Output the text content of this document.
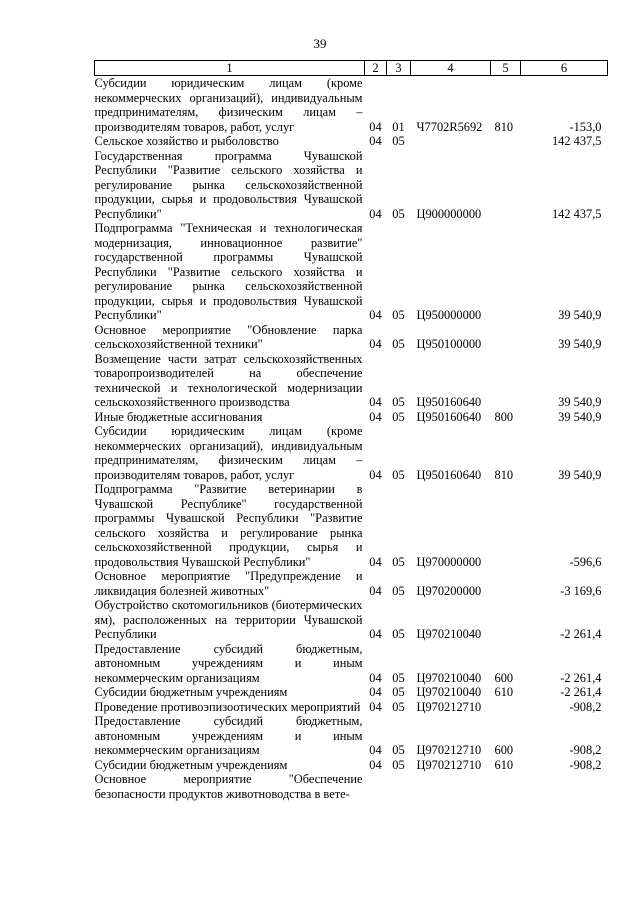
39
1	2	3	4	5	6
Субсидии юридическим лицам (кроме некоммерческих организаций), индивидуальным предпринимателям, физическим лицам – производителям товаров, работ, услуг	04	01	Ч7702R5692	810	-153,0
Сельское хозяйство и рыболовство	04	05			142 437,5
Государственная программа Чувашской Республики "Развитие сельского хозяйства и регулирование рынка сельскохозяйственной продукции, сырья и продовольствия Чувашской Республики"	04	05	Ц900000000		142 437,5
Подпрограмма "Техническая и технологическая модернизация, инновационное развитие" государственной программы Чувашской Республики "Развитие сельского хозяйства и регулирование рынка сельскохозяйственной продукции, сырья и продовольствия Чувашской Республики"	04	05	Ц950000000		39 540,9
Основное мероприятие "Обновление парка сельскохозяйственной техники"	04	05	Ц950100000		39 540,9
Возмещение части затрат сельскохозяйственных товаропроизводителей на обеспечение технической и технологической модернизации сельскохозяйственного производства	04	05	Ц950160640		39 540,9
Иные бюджетные ассигнования	04	05	Ц950160640	800	39 540,9
Субсидии юридическим лицам (кроме некоммерческих организаций), индивидуальным предпринимателям, физическим лицам – производителям товаров, работ, услуг	04	05	Ц950160640	810	39 540,9
Подпрограмма "Развитие ветеринарии в Чувашской Республике" государственной программы Чувашской Республики "Развитие сельского хозяйства и регулирование рынка сельскохозяйственной продукции, сырья и продовольствия Чувашской Республики"	04	05	Ц970000000		-596,6
Основное мероприятие "Предупреждение и ликвидация болезней животных"	04	05	Ц970200000		-3 169,6
Обустройство скотомогильников (биотермических ям), расположенных на территории Чувашской Республики	04	05	Ц970210040		-2 261,4
Предоставление субсидий бюджетным, автономным учреждениям и иным некоммерческим организациям	04	05	Ц970210040	600	-2 261,4
Субсидии бюджетным учреждениям	04	05	Ц970210040	610	-2 261,4
Проведение противоэпизоотических мероприятий	04	05	Ц970212710		-908,2
Предоставление субсидий бюджетным, автономным учреждениям и иным некоммерческим организациям	04	05	Ц970212710	600	-908,2
Субсидии бюджетным учреждениям	04	05	Ц970212710	610	-908,2
Основное мероприятие "Обеспечение безопасности продуктов животноводства в вете-					
